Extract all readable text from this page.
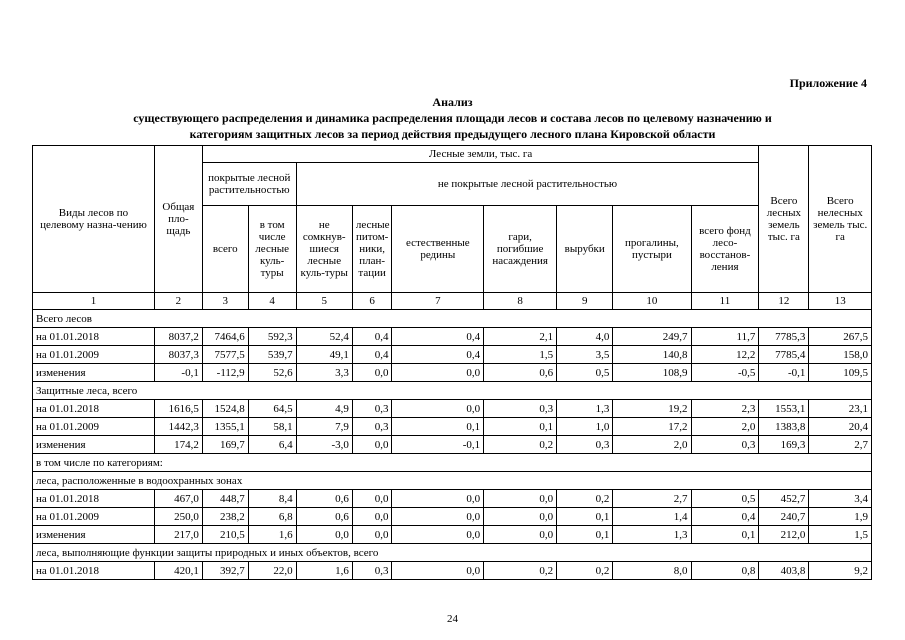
Приложение 4
Анализ
существующего распределения и динамика распределения площади лесов и состава лесов по целевому назначению и
категориям защитных лесов за период действия предыдущего лесного плана Кировской области
Виды лесов по целевому назна-чению	Общая пло-щадь	Лесные земли, тыс. га									Всего лесных земель тыс. га	Всего нелесных земель тыс. га
		покрытые лесной растительностью		не покрытые лесной растительностью								
		всего	в том числе лесные куль-туры	не сомкнув-шиеся лесные куль-туры	лесные питом-ники, план-тации	естественные редины	гари, погибшие насаждения	вырубки	прогалины, пустыри	всего фонд лесо-восстанов-ления		
1	2	3	4	5	6	7	8	9	10	11	12	13
Всего лесов												
на 01.01.2018	8037,2	7464,6	592,3	52,4	0,4	0,4	2,1	4,0	249,7	11,7	7785,3	267,5
на 01.01.2009	8037,3	7577,5	539,7	49,1	0,4	0,4	1,5	3,5	140,8	12,2	7785,4	158,0
изменения	-0,1	-112,9	52,6	3,3	0,0	0,0	0,6	0,5	108,9	-0,5	-0,1	109,5
Защитные леса, всего												
на 01.01.2018	1616,5	1524,8	64,5	4,9	0,3	0,0	0,3	1,3	19,2	2,3	1553,1	23,1
на 01.01.2009	1442,3	1355,1	58,1	7,9	0,3	0,1	0,1	1,0	17,2	2,0	1383,8	20,4
изменения	174,2	169,7	6,4	-3,0	0,0	-0,1	0,2	0,3	2,0	0,3	169,3	2,7
в том числе по категориям:												
леса, расположенные в водоохранных зонах												
на 01.01.2018	467,0	448,7	8,4	0,6	0,0	0,0	0,0	0,2	2,7	0,5	452,7	3,4
на 01.01.2009	250,0	238,2	6,8	0,6	0,0	0,0	0,0	0,1	1,4	0,4	240,7	1,9
изменения	217,0	210,5	1,6	0,0	0,0	0,0	0,0	0,1	1,3	0,1	212,0	1,5
леса, выполняющие функции защиты природных и иных объектов, всего												
на 01.01.2018	420,1	392,7	22,0	1,6	0,3	0,0	0,2	0,2	8,0	0,8	403,8	9,2
24
